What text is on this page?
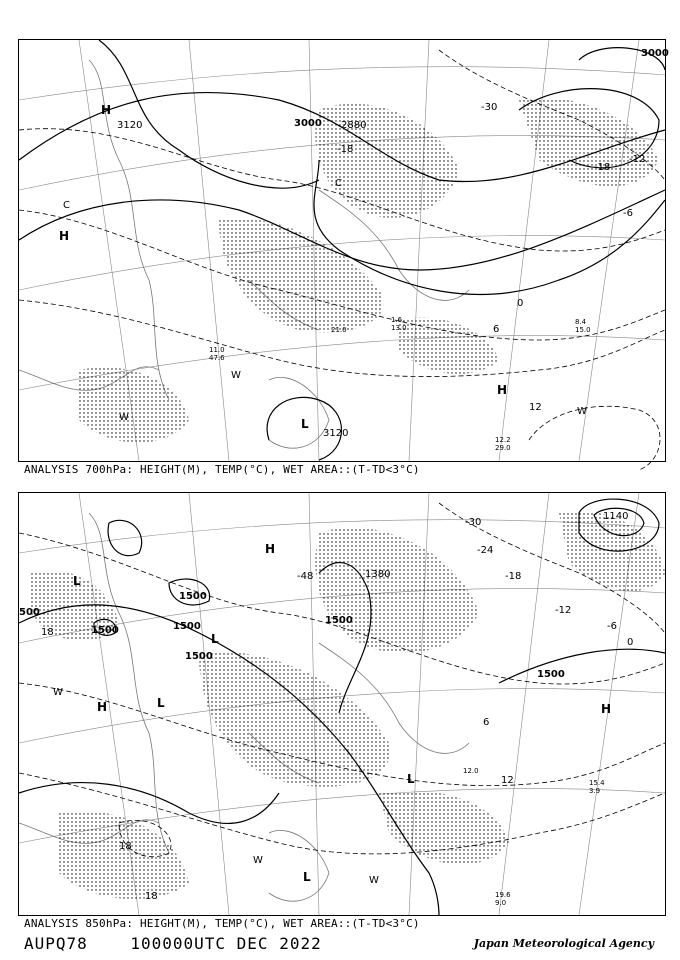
3000 2880
3120
3120
3000
-30
-18
-12
-6
0
6
12
-18
H
H
H
W
W
W
L
C
C
29.0
12.2
13.0
1.6
21.0
8.4
15.0
11.0
47.6
ANALYSIS 700hPa: HEIGHT(M), TEMP(°C), WET AREA::(T-TD<3°C)
1500
1500	1500
1500
1500
1380
1140
1500
500
-30
-24
-18
-12
-6
0
6
12
18
18
18
-48
H
H	H
L
L
L
L
W
W
W
L
19.6
9.0
12.0
15.4
3.9
ANALYSIS 850hPa: HEIGHT(M), TEMP(°C), WET AREA::(T-TD<3°C)
AUPQ78	100000UTC DEC 2022	Japan Meteorological Agency
